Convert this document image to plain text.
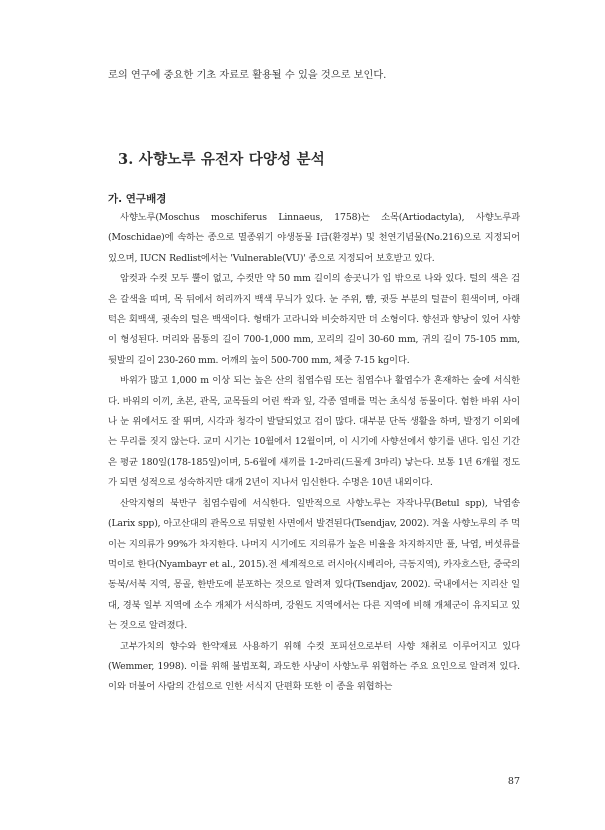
로의 연구에 중요한 기초 자료로 활용될 수 있을 것으로 보인다.

3. 사향노루 유전자 다양성 분석
가. 연구배경

사향노루(Moschus moschiferus Linnaeus, 1758)는 소목(Artiodactyla), 사향노루과(Moschidae)에 속하는 종으로 멸종위기 야생동물 I급(환경부) 및 천연기념물(No.216)으로 지정되어 있으며, IUCN Redlist에서는 'Vulnerable(VU)' 종으로 지정되어 보호받고 있다.

암컷과 수컷 모두 뿔이 없고, 수컷만 약 50 mm 길이의 송곳니가 입 밖으로 나와 있다. 털의 색은 검은 갈색을 띠며, 목 뒤에서 허리까지 백색 무늬가 있다. 눈 주위, 뺨, 귓등 부분의 털끝이 흰색이며, 아래턱은 회백색, 귓속의 털은 백색이다. 형태가 고라니와 비슷하지만 더 소형이다. 향선과 향낭이 있어 사향이 형성된다. 머리와 몸통의 길이 700-1,000 mm, 꼬리의 길이 30-60 mm, 귀의 길이 75-105 mm, 뒷발의 길이 230-260 mm. 어깨의 높이 500-700 mm, 체중 7-15 kg이다.

바위가 많고 1,000 m 이상 되는 높은 산의 침엽수림 또는 침엽수나 활엽수가 혼재하는 숲에 서식한다. 바위의 이끼, 초본, 관목, 교목들의 어린 싹과 잎, 각종 열매를 먹는 초식성 동물이다. 험한 바위 사이나 눈 위에서도 잘 뛰며, 시각과 청각이 발달되었고 겁이 많다. 대부분 단독 생활을 하며, 발정기 이외에는 무리를 짓지 않는다. 교미 시기는 10월에서 12월이며, 이 시기에 사향선에서 향기를 낸다. 임신 기간은 평균 180일(178-185일)이며, 5-6월에 새끼를 1-2마리(드물게 3마리) 낳는다. 보통 1년 6개월 정도가 되면 성적으로 성숙하지만 대개 2년이 지나서 임신한다. 수명은 10년 내외이다.

산악지형의 북반구 침엽수림에 서식한다. 일반적으로 사향노루는 자작나무(Betul spp), 낙엽송(Larix spp), 아고산대의 관목으로 뒤덮힌 사면에서 발견된다(Tsendjav, 2002). 겨울 사향노루의 주 먹이는 지의류가 99%가 차지한다. 나머지 시기에도 지의류가 높은 비율을 차지하지만 풀, 낙엽, 버섯류를 먹이로 한다(Nyambayr et al., 2015).전 세계적으로 러시아(시베리아, 극동지역), 카자흐스탄, 중국의 동북/서북 지역, 몽골, 한반도에 분포하는 것으로 알려져 있다(Tsendjav, 2002). 국내에서는 지리산 일대, 경북 일부 지역에 소수 개체가 서식하며, 강원도 지역에서는 다른 지역에 비해 개체군이 유지되고 있는 것으로 알려졌다.

고부가치의 향수와 한약재료 사용하기 위해 수컷 포피선으로부터 사향 채취로 이루어지고 있다(Wemmer, 1998). 이를 위해 불법포획, 과도한 사냥이 사향노루 위협하는 주요 요인으로 알려져 있다. 이와 더불어 사람의 간섭으로 인한 서식지 단편화 또한 이 종을 위협하는

87
